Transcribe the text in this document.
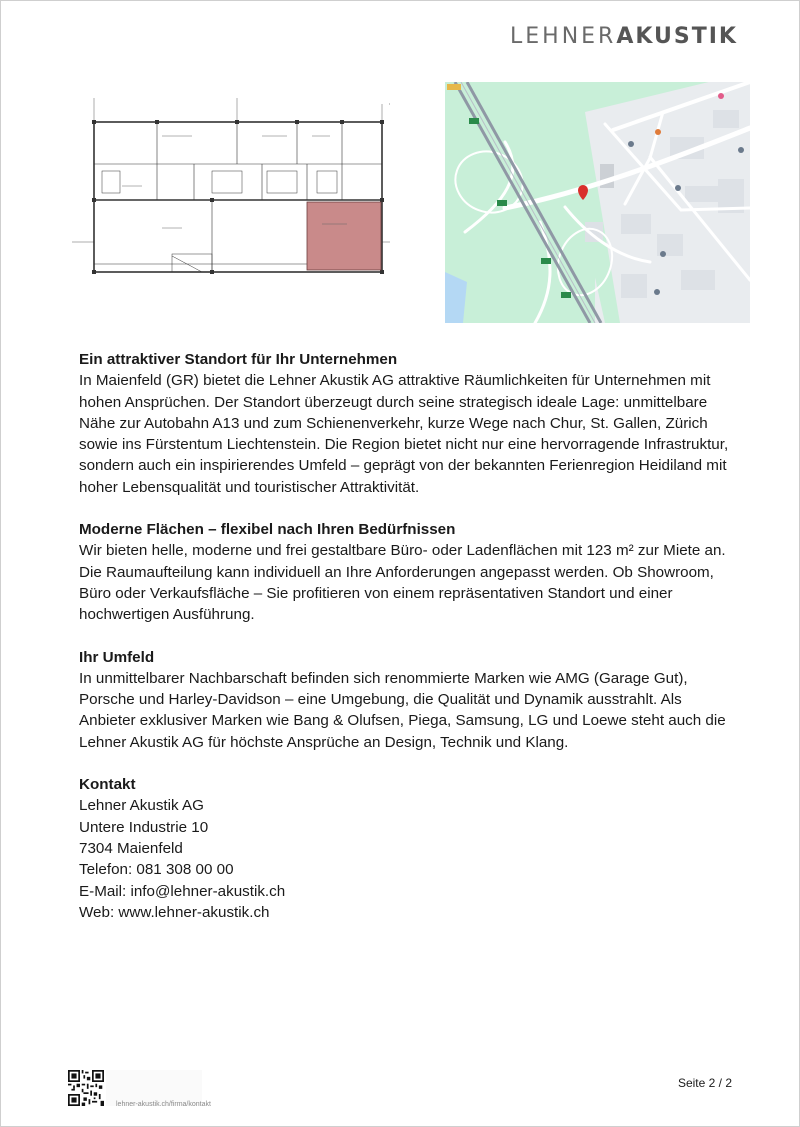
LEHNERAKUSTIK
Ein attraktiver Standort für Ihr Unternehmen

In Maienfeld (GR) bietet die Lehner Akustik AG attraktive Räumlichkeiten für Unternehmen mit hohen Ansprüchen. Der Standort überzeugt durch seine strategisch ideale Lage: unmittelbare Nähe zur Autobahn A13 und zum Schienenverkehr, kurze Wege nach Chur, St. Gallen, Zürich sowie ins Fürstentum Liechtenstein. Die Region bietet nicht nur eine hervorragende Infrastruktur, sondern auch ein inspirierendes Umfeld – geprägt von der bekannten Ferienregion Heidiland mit hoher Lebensqualität und touristischer Attraktivität.

Moderne Flächen – flexibel nach Ihren Bedürfnissen

Wir bieten helle, moderne und frei gestaltbare Büro- oder Ladenflächen mit 123 m² zur Miete an. Die Raumaufteilung kann individuell an Ihre Anforderungen angepasst werden. Ob Showroom, Büro oder Verkaufsfläche – Sie profitieren von einem repräsentativen Standort und einer hochwertigen Ausführung.

Ihr Umfeld

In unmittelbarer Nachbarschaft befinden sich renommierte Marken wie AMG (Garage Gut), Porsche und Harley-Davidson – eine Umgebung, die Qualität und Dynamik ausstrahlt. Als Anbieter exklusiver Marken wie Bang & Olufsen, Piega, Samsung, LG und Loewe steht auch die Lehner Akustik AG für höchste Ansprüche an Design, Technik und Klang.

Kontakt
Lehner Akustik AG
Untere Industrie 10
7304 Maienfeld
Telefon: 081 308 00 00
E-Mail: info@lehner-akustik.ch
Web: www.lehner-akustik.ch
lehner-akustik.ch/firma/kontakt
Seite 2 / 2
